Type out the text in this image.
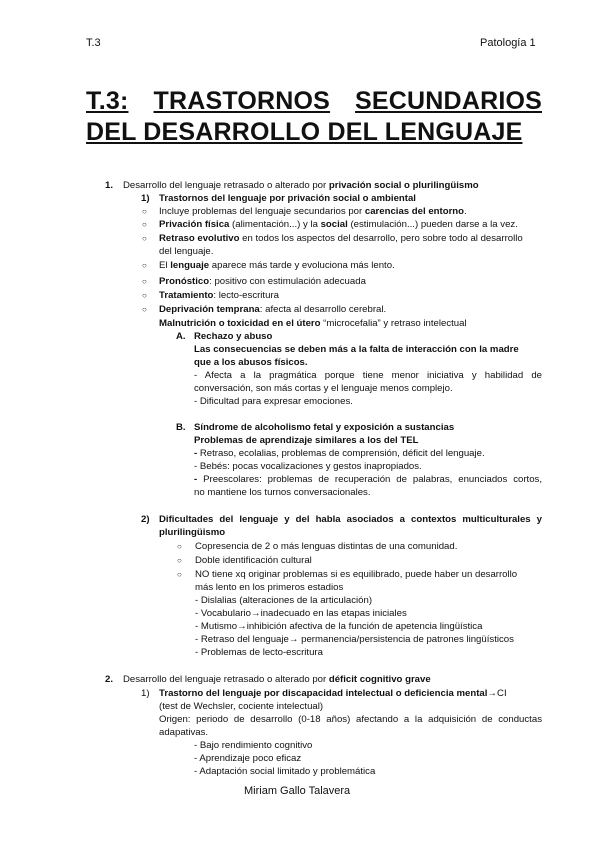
T.3	Patología 1
T.3: TRASTORNOS SECUNDARIOS
DEL DESARROLLO DEL LENGUAJE
1. Desarrollo del lenguaje retrasado o alterado por privación social o plurilingüismo
1) Trastornos del lenguaje por privación social o ambiental
○ Incluye problemas del lenguaje secundarios por carencias del entorno.
○ Privación física (alimentación...) y la social (estimulación...) pueden darse a la vez.
○ Retraso evolutivo en todos los aspectos del desarrollo, pero sobre todo al desarrollo
del lenguaje.
○ El lenguaje aparece más tarde y evoluciona más lento.
○ Pronóstico: positivo con estimulación adecuada
○ Tratamiento: lecto-escritura
○ Deprivación temprana: afecta al desarrollo cerebral.
Malnutrición o toxicidad en el útero “microcefalia” y retraso intelectual
A. Rechazo y abuso
Las consecuencias se deben más a la falta de interacción con la madre
que a los abusos físicos.
- Afecta a la pragmática porque tiene menor iniciativa y habilidad de
conversación, son más cortas y el lenguaje menos complejo.
- Dificultad para expresar emociones.
B. Síndrome de alcoholismo fetal y exposición a sustancias
Problemas de aprendizaje similares a los del TEL
- Retraso, ecolalias, problemas de comprensión, déficit del lenguaje.
- Bebés: pocas vocalizaciones y gestos inapropiados.
- Preescolares: problemas de recuperación de palabras, enunciados cortos,
no mantiene los turnos conversacionales.
2) Dificultades del lenguaje y del habla asociados a contextos multiculturales y
plurilingüismo
○ Copresencia de 2 o más lenguas distintas de una comunidad.
○ Doble identificación cultural
○ NO tiene xq originar problemas si es equilibrado, puede haber un desarrollo
más lento en los primeros estadios
- Dislalias (alteraciones de la articulación)
- Vocabulario→inadecuado en las etapas iniciales
- Mutismo→inhibición afectiva de la función de apetencia lingüística
- Retraso del lenguaje→ permanencia/persistencia de patrones lingüísticos
- Problemas de lecto-escritura
2. Desarrollo del lenguaje retrasado o alterado por déficit cognitivo grave
1) Trastorno del lenguaje por discapacidad intelectual o deficiencia mental→CI
(test de Wechsler, cociente intelectual)
Origen: periodo de desarrollo (0-18 años) afectando a la adquisición de conductas
adapativas.
- Bajo rendimiento cognitivo
- Aprendizaje poco eficaz
- Adaptación social limitado y problemática
Miriam Gallo Talavera
